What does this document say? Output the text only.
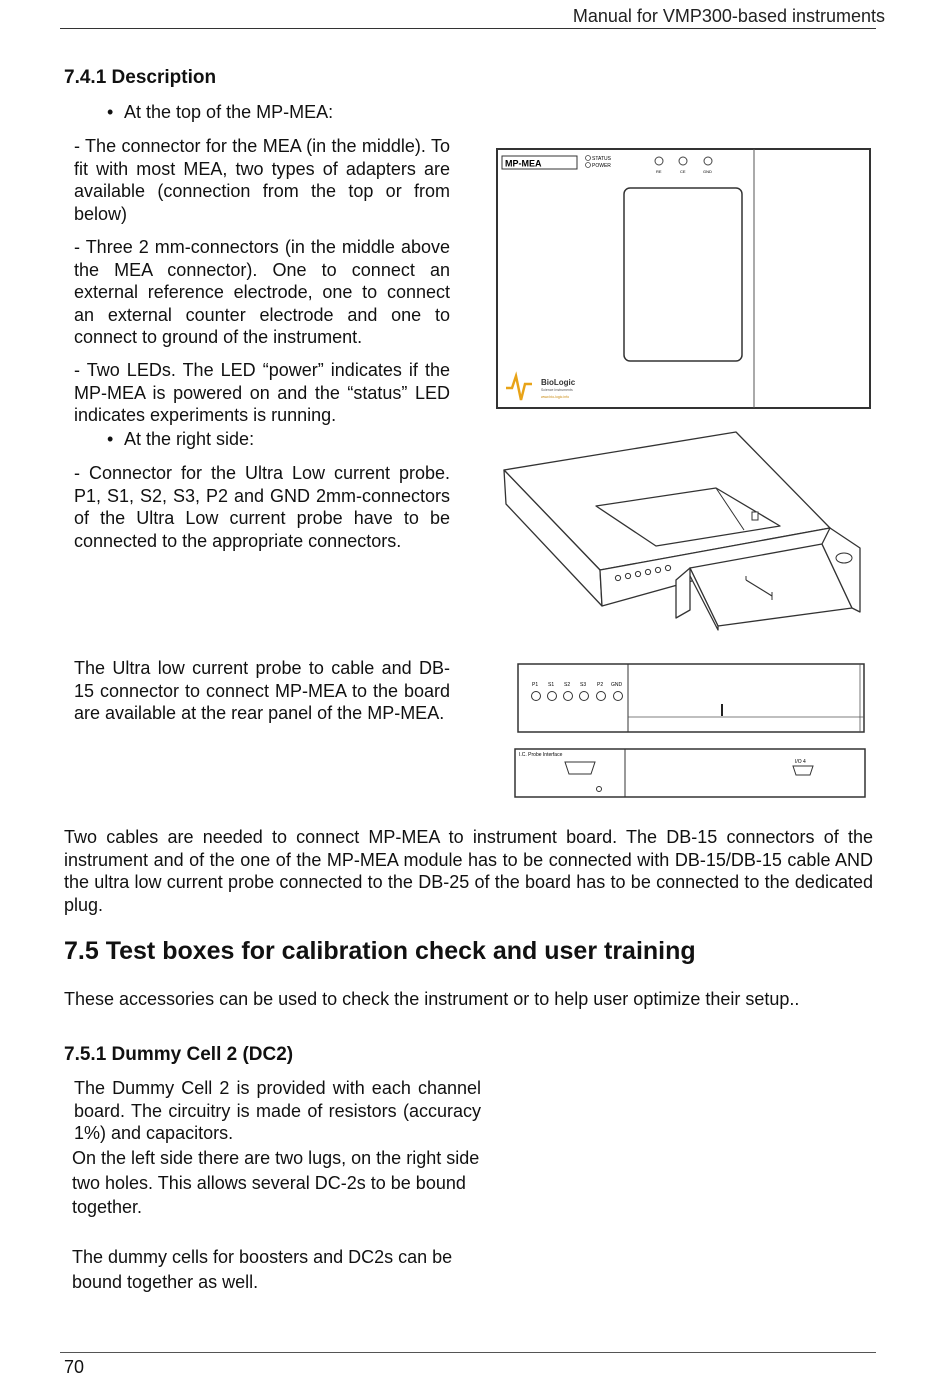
Manual for VMP300-based instruments
7.4.1 Description
• At the top of the MP-MEA:

- The connector for the MEA (in the middle). To fit with most MEA, two types of adapters are available (connection from the top or from below)

- Three 2 mm-connectors (in the middle above the MEA connector). One to connect an external reference electrode, one to connect an external counter electrode and one to connect to ground of the instrument.

- Two LEDs. The LED “power” indicates if the MP-MEA is powered on and the “status” LED indicates experiments is running.

• At the right side:

- Connector for the Ultra Low current probe. P1, S1, S2, S3, P2 and GND 2mm-connectors of the Ultra Low current probe have to be connected to the appropriate connectors.

The Ultra low current probe to cable and DB-15 connector to connect MP-MEA to the board are available at the rear panel of the MP-MEA.

MP-MEA	STATUS
POWER
RE	CE	GND
BioLogic
Science Instruments
www.bio-logic.info
P1 S1 S2 S3 P2 GND
I.C. Probe Interface
I/O 4

Two cables are needed to connect MP-MEA to instrument board. The DB-15 connectors of the instrument and of the one of the MP-MEA module has to be connected with DB-15/DB-15 cable AND the ultra low current probe connected to the DB-25 of the board has to be connected to the dedicated plug.

7.5 Test boxes for calibration check and user training

These accessories can be used to check the instrument or to help user optimize their setup..

7.5.1 Dummy Cell 2 (DC2)

The Dummy Cell 2 is provided with each channel board. The circuitry is made of resistors (accuracy 1%) and capacitors.

On the left side there are two lugs, on the right side two holes. This allows several DC-2s to be bound together.

The dummy cells for boosters and DC2s can be bound together as well.

70
